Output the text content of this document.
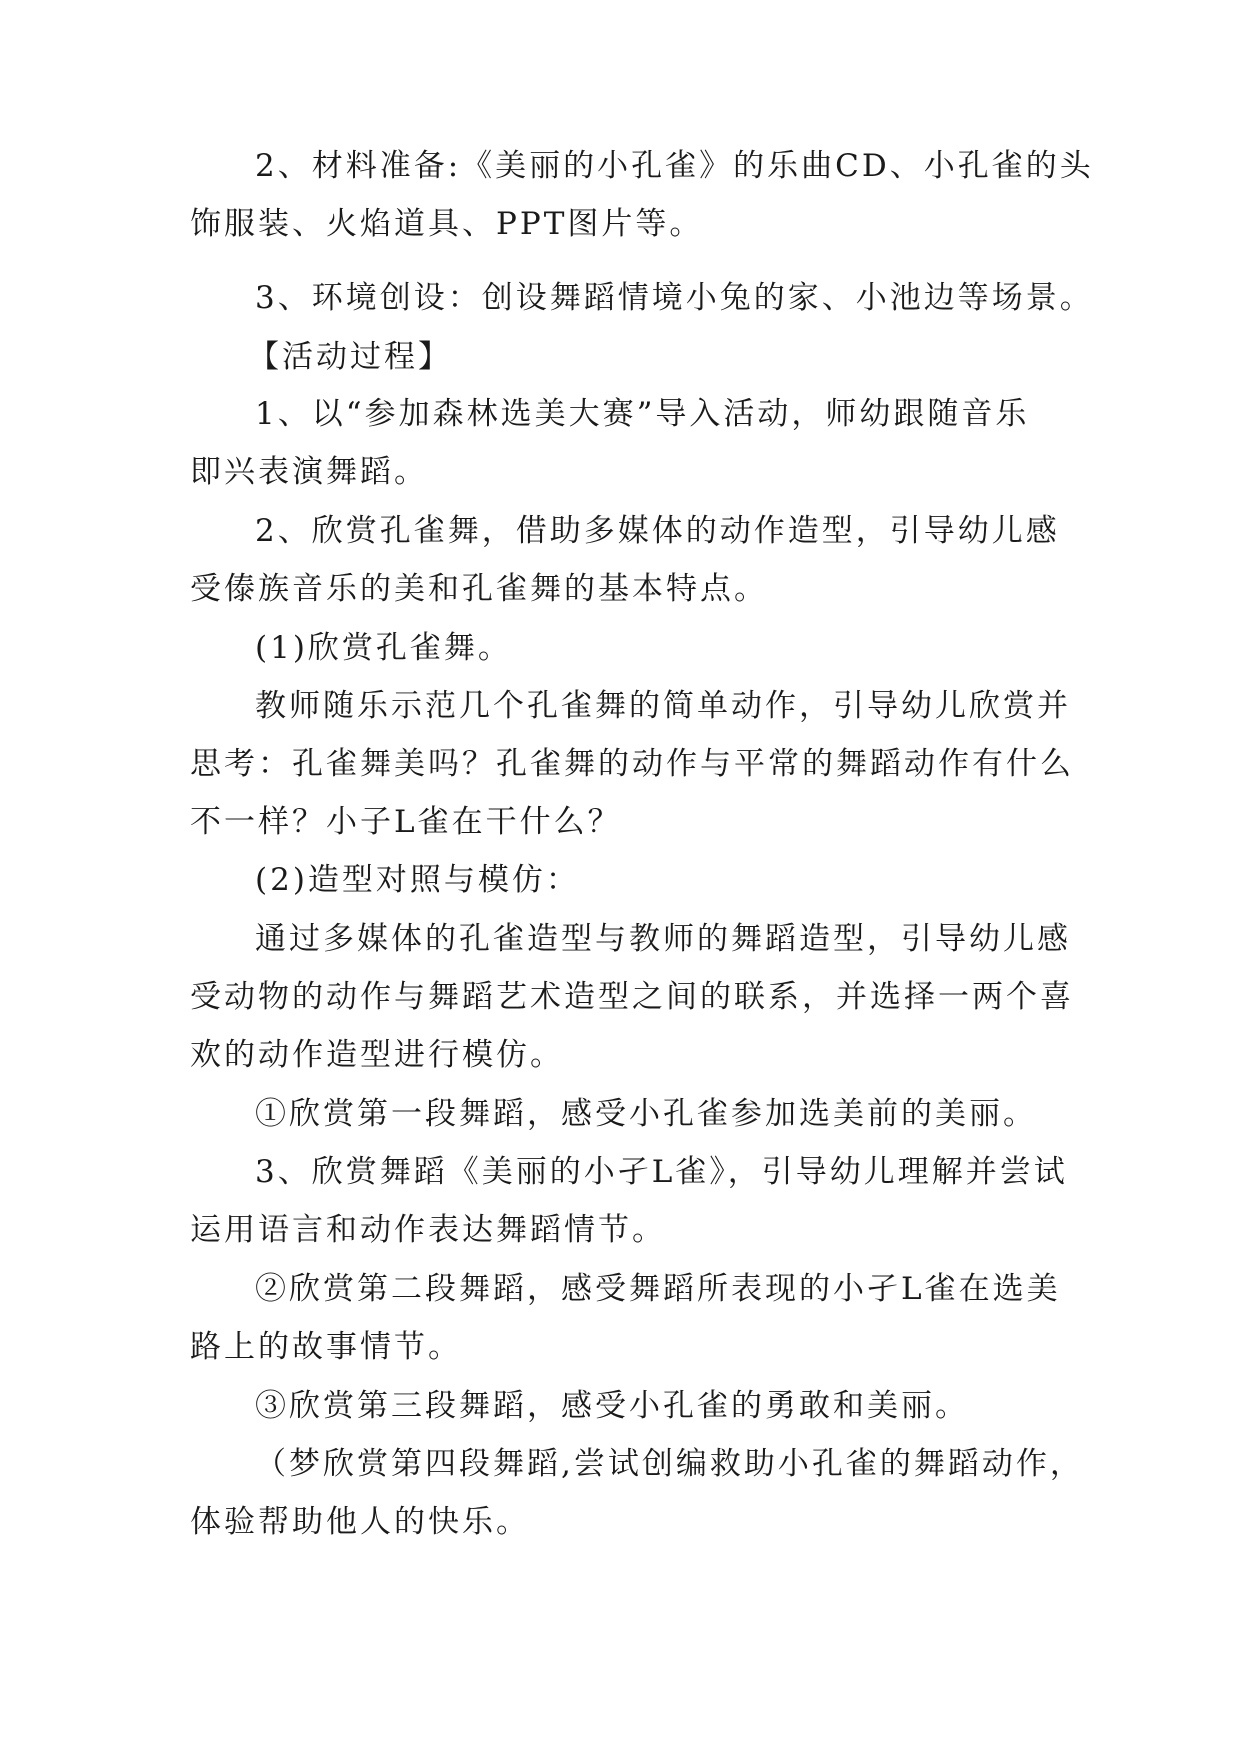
2、材料准备:《美丽的小孔雀》的乐曲CD、小孔雀的头

饰服装、火焰道具、PPT图片等。

3、环境创设：创设舞蹈情境小兔的家、小池边等场景。

【活动过程】

1、以“参加森林选美大赛”导入活动，师幼跟随音乐

即兴表演舞蹈。

2、欣赏孔雀舞，借助多媒体的动作造型，引导幼儿感

受傣族音乐的美和孔雀舞的基本特点。

(1)欣赏孔雀舞。

教师随乐示范几个孔雀舞的简单动作，引导幼儿欣赏并

思考：孔雀舞美吗？孔雀舞的动作与平常的舞蹈动作有什么

不一样？小子L雀在干什么？

(2)造型对照与模仿：

通过多媒体的孔雀造型与教师的舞蹈造型，引导幼儿感

受动物的动作与舞蹈艺术造型之间的联系，并选择一两个喜

欢的动作造型进行模仿。

①欣赏第一段舞蹈，感受小孔雀参加选美前的美丽。

3、欣赏舞蹈《美丽的小孑L雀》，引导幼儿理解并尝试

运用语言和动作表达舞蹈情节。

②欣赏第二段舞蹈，感受舞蹈所表现的小孑L雀在选美

路上的故事情节。

③欣赏第三段舞蹈，感受小孔雀的勇敢和美丽。

（梦欣赏第四段舞蹈,尝试创编救助小孔雀的舞蹈动作，

体验帮助他人的快乐。
